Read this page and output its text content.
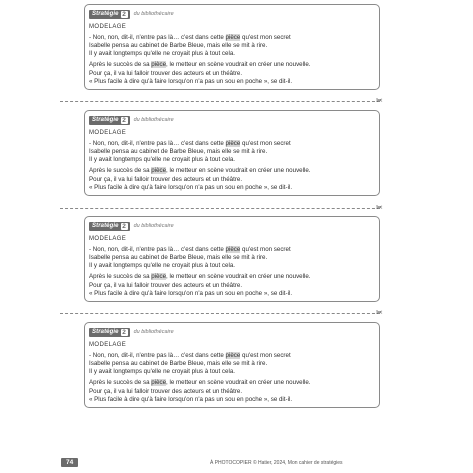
Stratégie 2 du bibliothécaire
MODELAGE
- Non, non, dit-il, n'entre pas là… c'est dans cette pièce qu'est mon secret
Isabelle pensa au cabinet de Barbe Bleue, mais elle se mit à rire.
Il y avait longtemps qu'elle ne croyait plus à tout cela.
Après le succès de sa pièce, le metteur en scène voudrait en créer une nouvelle.
Pour ça, il va lui falloir trouver des acteurs et un théâtre.
« Plus facile à dire qu'à faire lorsqu'on n'a pas un sou en poche », se dit-il.
✂
Stratégie 2 du bibliothécaire
MODELAGE
- Non, non, dit-il, n'entre pas là… c'est dans cette pièce qu'est mon secret
Isabelle pensa au cabinet de Barbe Bleue, mais elle se mit à rire.
Il y avait longtemps qu'elle ne croyait plus à tout cela.
Après le succès de sa pièce, le metteur en scène voudrait en créer une nouvelle.
Pour ça, il va lui falloir trouver des acteurs et un théâtre.
« Plus facile à dire qu'à faire lorsqu'on n'a pas un sou en poche », se dit-il.
✂
Stratégie 2 du bibliothécaire
MODELAGE
- Non, non, dit-il, n'entre pas là… c'est dans cette pièce qu'est mon secret
Isabelle pensa au cabinet de Barbe Bleue, mais elle se mit à rire.
Il y avait longtemps qu'elle ne croyait plus à tout cela.
Après le succès de sa pièce, le metteur en scène voudrait en créer une nouvelle.
Pour ça, il va lui falloir trouver des acteurs et un théâtre.
« Plus facile à dire qu'à faire lorsqu'on n'a pas un sou en poche », se dit-il.
✂
Stratégie 2 du bibliothécaire
MODELAGE
- Non, non, dit-il, n'entre pas là… c'est dans cette pièce qu'est mon secret
Isabelle pensa au cabinet de Barbe Bleue, mais elle se mit à rire.
Il y avait longtemps qu'elle ne croyait plus à tout cela.
Après le succès de sa pièce, le metteur en scène voudrait en créer une nouvelle.
Pour ça, il va lui falloir trouver des acteurs et un théâtre.
« Plus facile à dire qu'à faire lorsqu'on n'a pas un sou en poche », se dit-il.
74	À PHOTOCOPIER © Hatier, 2024, Mon cahier de stratégies
